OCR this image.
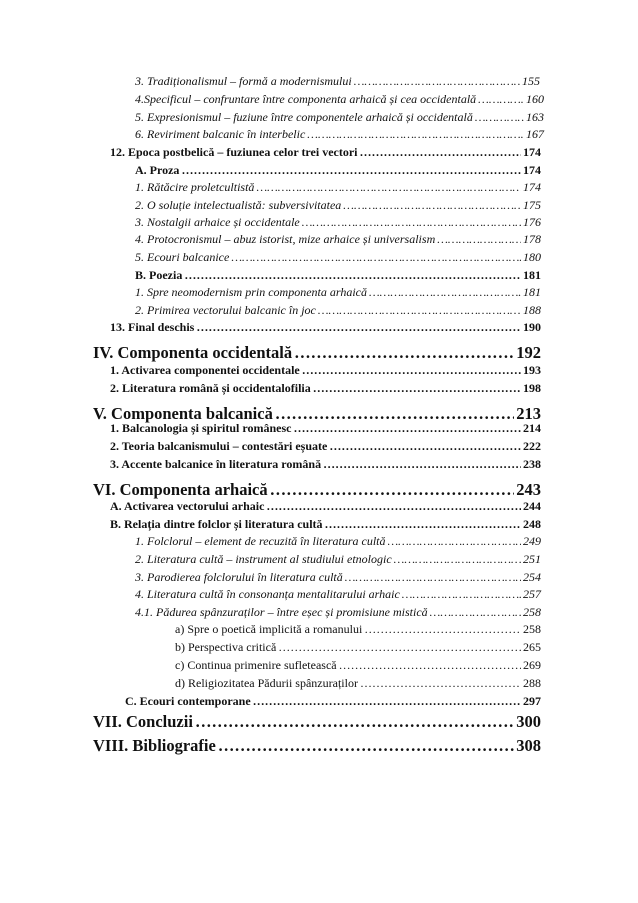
3. Tradiționalismul – formă a modernismului ……………………………………………………………………………………………………………………………………………………………………………	155
4.Specificul – confruntare între componenta arhaică și cea occidentală ……………………………………………………………………………………………………………………………………………………………………………	160
5. Expresionismul – fuziune între componentele arhaică și occidentală ……………………………………………………………………………………………………………………………………………………………………………	163
6. Reviriment balcanic în interbelic ……………………………………………………………………………………………………………………………………………………………………………	167
12. Epoca postbelică – fuziunea celor trei vectori ……………………………………………………………………………………………………………………………………………………………………………	174
A. Proza ……………………………………………………………………………………………………………………………………………………………………………	174
1. Rătăcire proletcultistă ……………………………………………………………………………………………………………………………………………………………………………	174
2. O soluție intelectualistă: subversivitatea ……………………………………………………………………………………………………………………………………………………………………………	175
3. Nostalgii arhaice și occidentale ……………………………………………………………………………………………………………………………………………………………………………	176
4. Protocronismul – abuz istorist, mize arhaice și universalism ……………………………………………………………………………………………………………………………………………………………………………	178
5. Ecouri balcanice ……………………………………………………………………………………………………………………………………………………………………………	180
B. Poezia ……………………………………………………………………………………………………………………………………………………………………………	181
1. Spre neomodernism prin componenta arhaică ……………………………………………………………………………………………………………………………………………………………………………	181
2. Primirea vectorului balcanic în joc ……………………………………………………………………………………………………………………………………………………………………………	188
13. Final deschis ……………………………………………………………………………………………………………………………………………………………………………	190
IV. Componenta occidentală ……………………………………………………………………………………………………………………………………………………………………………	192
1. Activarea componentei occidentale ……………………………………………………………………………………………………………………………………………………………………………	193
2. Literatura română și occidentalofilia ……………………………………………………………………………………………………………………………………………………………………………	198
V. Componenta balcanică ……………………………………………………………………………………………………………………………………………………………………………	213
1. Balcanologia și spiritul românesc ……………………………………………………………………………………………………………………………………………………………………………	214
2. Teoria balcanismului – contestări eșuate ……………………………………………………………………………………………………………………………………………………………………………	222
3. Accente balcanice în literatura română ……………………………………………………………………………………………………………………………………………………………………………	238
VI. Componenta arhaică ……………………………………………………………………………………………………………………………………………………………………………	243
A. Activarea vectorului arhaic ……………………………………………………………………………………………………………………………………………………………………………	244
B. Relația dintre folclor și literatura cultă ……………………………………………………………………………………………………………………………………………………………………………	248
1. Folclorul – element de recuzită în literatura cultă ……………………………………………………………………………………………………………………………………………………………………………	249
2. Literatura cultă – instrument al studiului etnologic ……………………………………………………………………………………………………………………………………………………………………………	251
3. Parodierea folclorului în literatura cultă ……………………………………………………………………………………………………………………………………………………………………………	254
4. Literatura cultă în consonanța mentalitarului arhaic ……………………………………………………………………………………………………………………………………………………………………………	257
4.1. Pădurea spânzuraților – între eșec și promisiune mistică ……………………………………………………………………………………………………………………………………………………………………………	258
a) Spre o poetică implicită a romanului ……………………………………………………………………………………………………………………………………………………………………………	258
b) Perspectiva critică ……………………………………………………………………………………………………………………………………………………………………………	265
c) Continua primenire sufletească ……………………………………………………………………………………………………………………………………………………………………………	269
d) Religiozitatea Pădurii spânzuraților ……………………………………………………………………………………………………………………………………………………………………………	288
C. Ecouri contemporane ……………………………………………………………………………………………………………………………………………………………………………	297
VII. Concluzii ……………………………………………………………………………………………………………………………………………………………………………	300
VIII. Bibliografie ……………………………………………………………………………………………………………………………………………………………………………	308
